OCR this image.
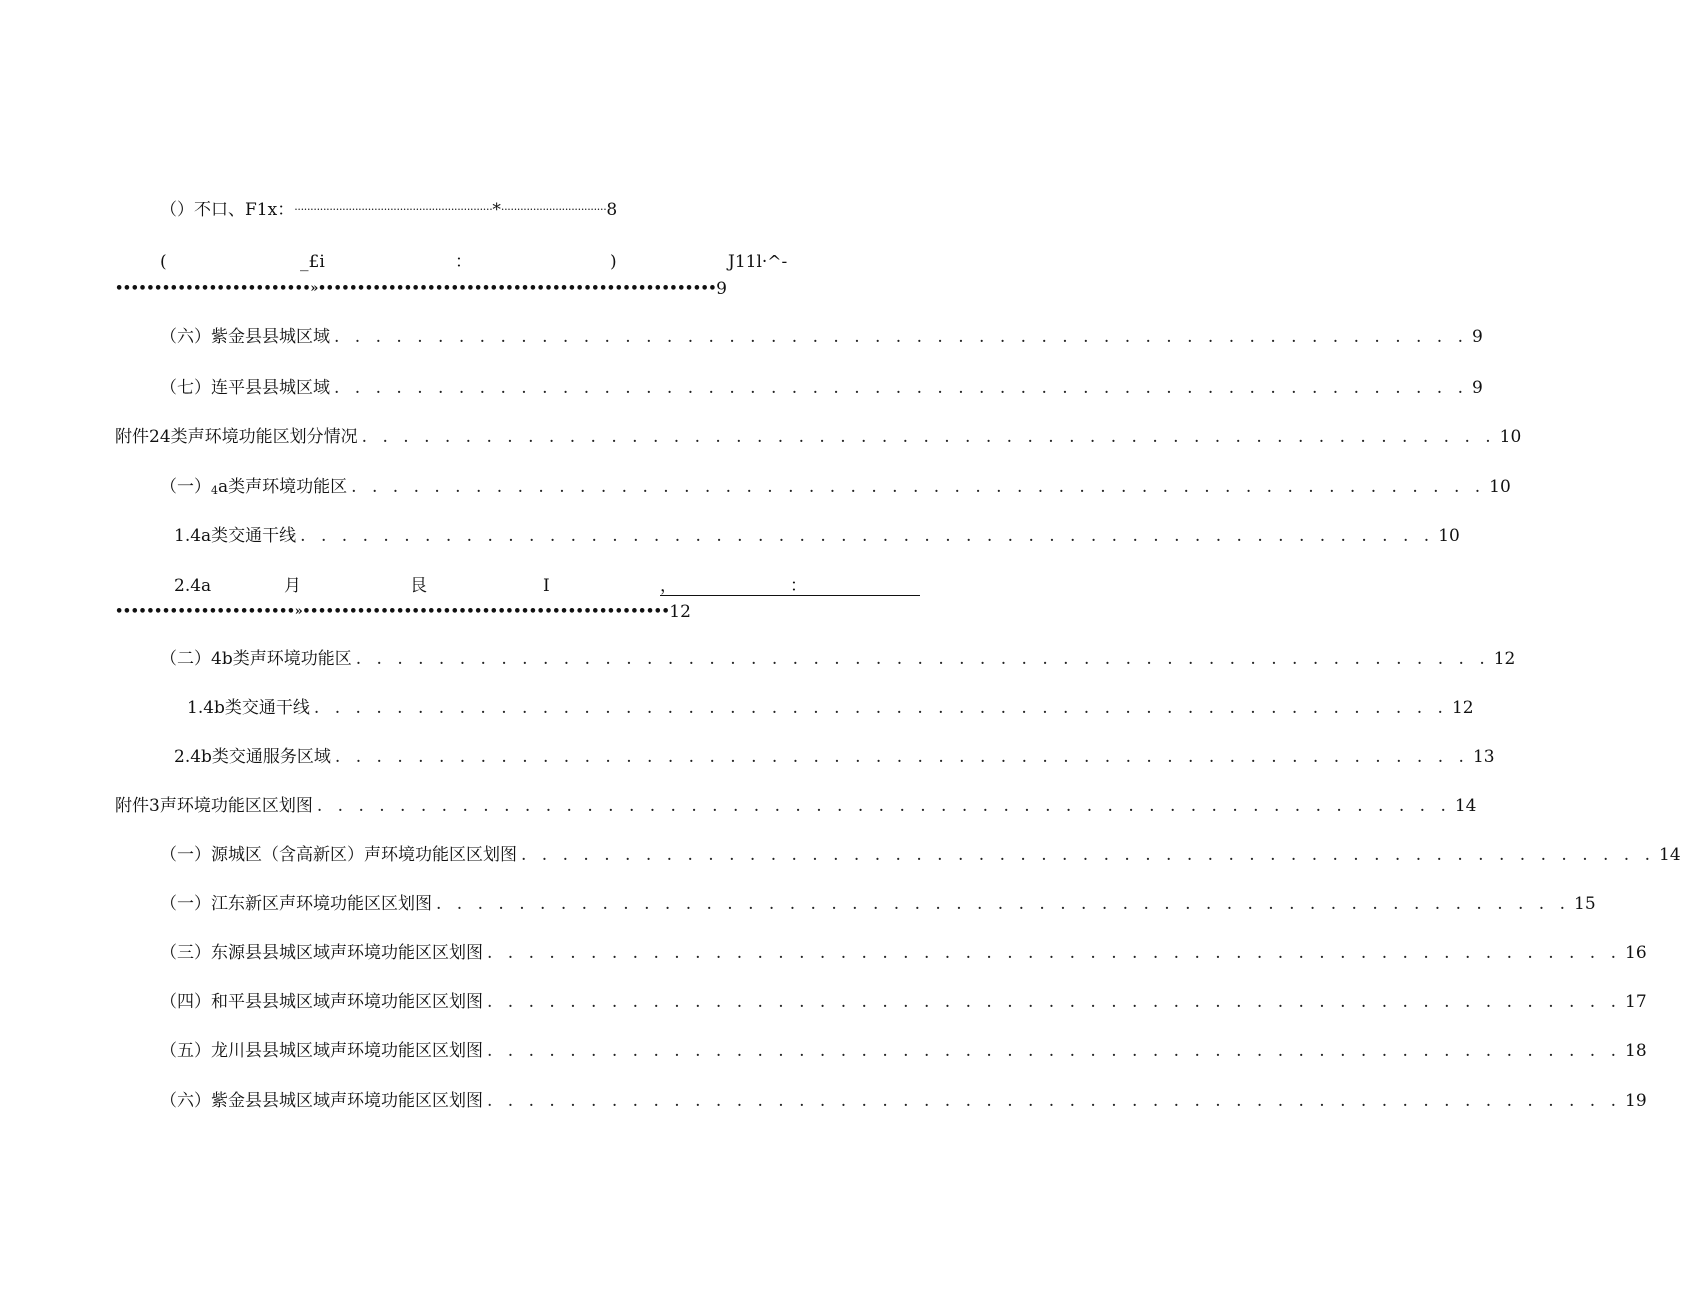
（）不口、F1x： ······························································ * ································· 8
(	_£i	：	)	J11l·^-
•••••••••••••••••••••••••»••••••••••••••••••••••••••••••••••••••••••••••••••• 9
（六）紫金县县城区域 . . . . . . . . . . . . . . . . . . . . . . . . . . . . . . . . . . . . . . . . . . . . . . . . . . . . . . . 9
（七）连平县县城区域 . . . . . . . . . . . . . . . . . . . . . . . . . . . . . . . . . . . . . . . . . . . . . . . . . . . . . . . 9
附件24类声环境功能区划分情况 . . . . . . . . . . . . . . . . . . . . . . . . . . . . . . . . . . . . . . . . . . . . . . . . . . . . . . . 10
（一）4a类声环境功能区 . . . . . . . . . . . . . . . . . . . . . . . . . . . . . . . . . . . . . . . . . . . . . . . . . . . . . . . 10
1.4a类交通干线 . . . . . . . . . . . . . . . . . . . . . . . . . . . . . . . . . . . . . . . . . . . . . . . . . . . . . . . 10
2.4a	月	艮	I	，	：
•••••••••••••••••••••••»••••••••••••••••••••••••••••••••••••••••••••••• 12
（二）4b类声环境功能区 . . . . . . . . . . . . . . . . . . . . . . . . . . . . . . . . . . . . . . . . . . . . . . . . . . . . . . . 12
1.4b类交通干线 . . . . . . . . . . . . . . . . . . . . . . . . . . . . . . . . . . . . . . . . . . . . . . . . . . . . . . . 12
2.4b类交通服务区域 . . . . . . . . . . . . . . . . . . . . . . . . . . . . . . . . . . . . . . . . . . . . . . . . . . . . . . . 13
附件3声环境功能区区划图 . . . . . . . . . . . . . . . . . . . . . . . . . . . . . . . . . . . . . . . . . . . . . . . . . . . . . . . 14
（一）源城区（含高新区）声环境功能区区划图 . . . . . . . . . . . . . . . . . . . . . . . . . . . . . . . . . . . . . . . . . . . . . . . . . . . . . . . 14
（一）江东新区声环境功能区区划图 . . . . . . . . . . . . . . . . . . . . . . . . . . . . . . . . . . . . . . . . . . . . . . . . . . . . . . . 15
（三）东源县县城区域声环境功能区区划图 . . . . . . . . . . . . . . . . . . . . . . . . . . . . . . . . . . . . . . . . . . . . . . . . . . . . . . . 16
（四）和平县县城区域声环境功能区区划图 . . . . . . . . . . . . . . . . . . . . . . . . . . . . . . . . . . . . . . . . . . . . . . . . . . . . . . . 17
（五）龙川县县城区域声环境功能区区划图 . . . . . . . . . . . . . . . . . . . . . . . . . . . . . . . . . . . . . . . . . . . . . . . . . . . . . . . 18
（六）紫金县县城区域声环境功能区区划图 . . . . . . . . . . . . . . . . . . . . . . . . . . . . . . . . . . . . . . . . . . . . . . . . . . . . . . . 19
